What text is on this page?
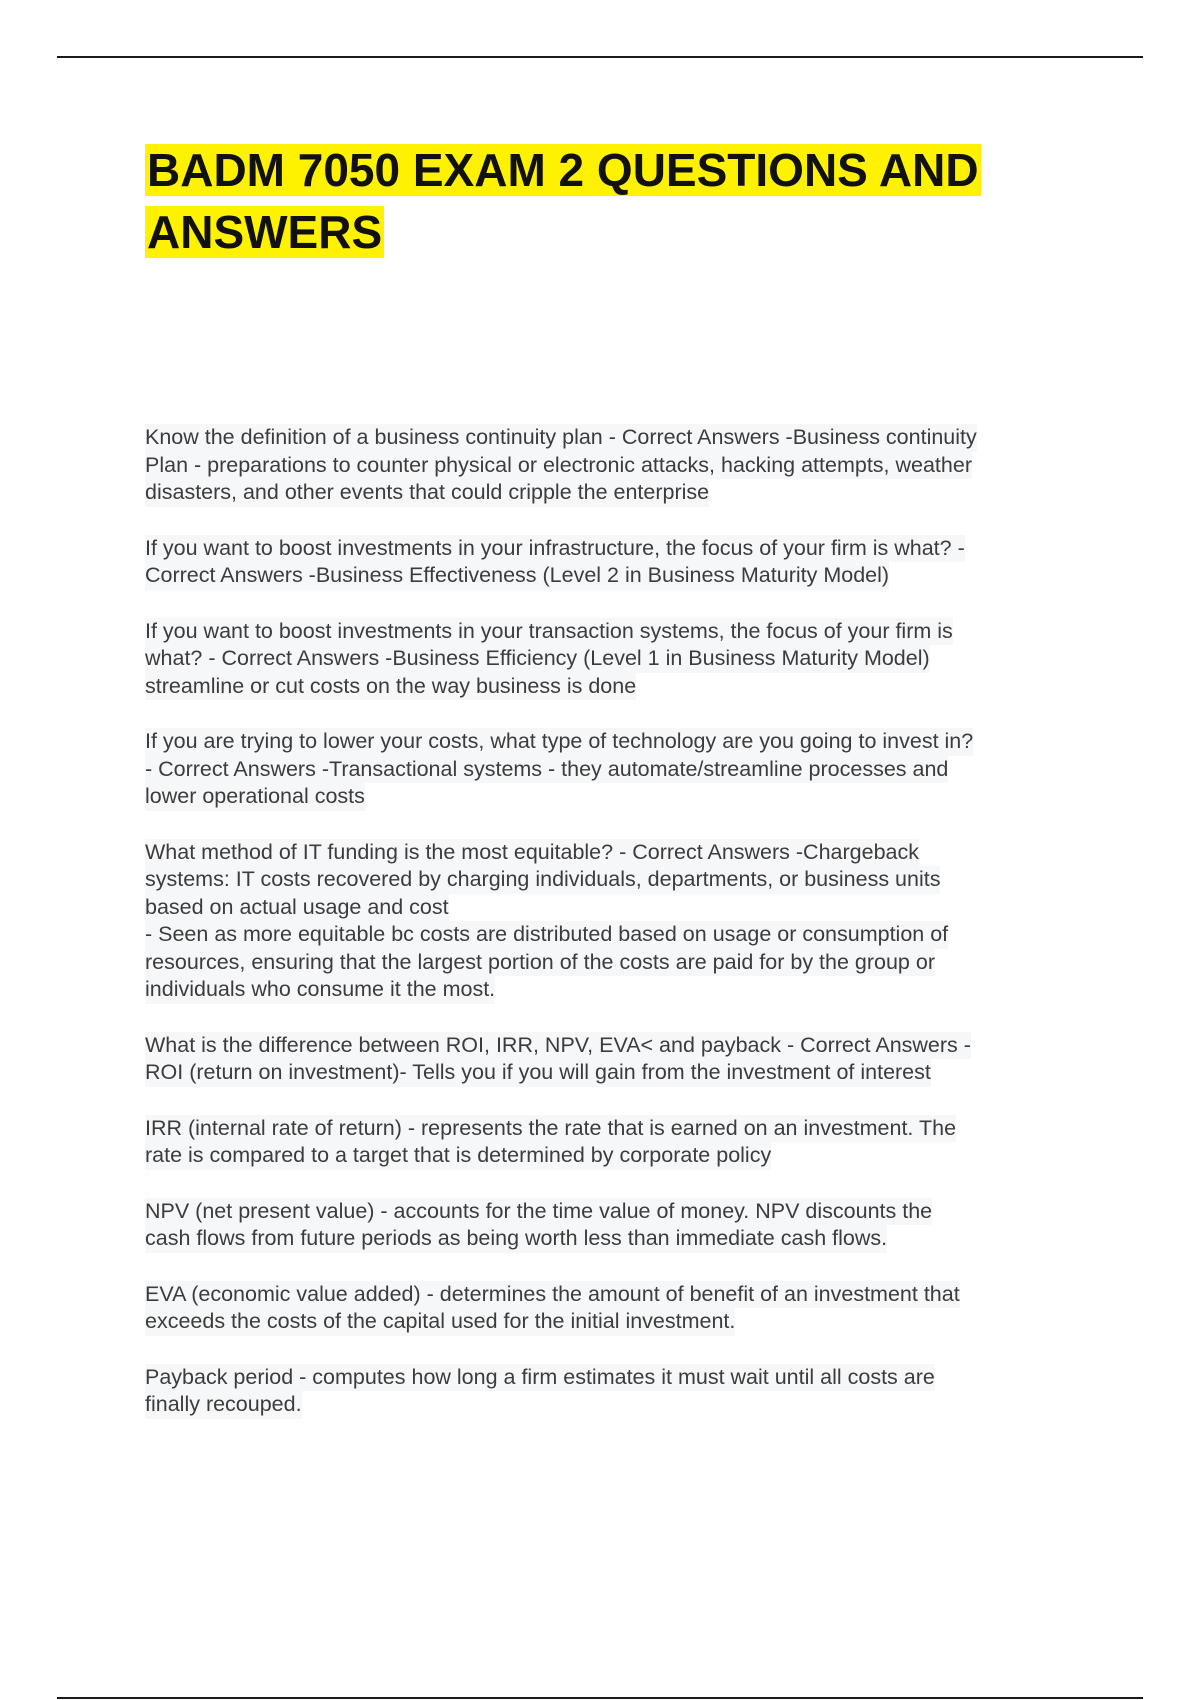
BADM 7050 EXAM 2 QUESTIONS AND
ANSWERS

Know the definition of a business continuity plan - Correct Answers -Business continuity
Plan - preparations to counter physical or electronic attacks, hacking attempts, weather
disasters, and other events that could cripple the enterprise

If you want to boost investments in your infrastructure, the focus of your firm is what? -
Correct Answers -Business Effectiveness (Level 2 in Business Maturity Model)

If you want to boost investments in your transaction systems, the focus of your firm is
what? - Correct Answers -Business Efficiency (Level 1 in Business Maturity Model)
streamline or cut costs on the way business is done

If you are trying to lower your costs, what type of technology are you going to invest in?
- Correct Answers -Transactional systems - they automate/streamline processes and
lower operational costs

What method of IT funding is the most equitable? - Correct Answers -Chargeback
systems: IT costs recovered by charging individuals, departments, or business units
based on actual usage and cost
- Seen as more equitable bc costs are distributed based on usage or consumption of
resources, ensuring that the largest portion of the costs are paid for by the group or
individuals who consume it the most.

What is the difference between ROI, IRR, NPV, EVA< and payback - Correct Answers -
ROI (return on investment)- Tells you if you will gain from the investment of interest

IRR (internal rate of return) - represents the rate that is earned on an investment. The
rate is compared to a target that is determined by corporate policy

NPV (net present value) - accounts for the time value of money. NPV discounts the
cash flows from future periods as being worth less than immediate cash flows.

EVA (economic value added) - determines the amount of benefit of an investment that
exceeds the costs of the capital used for the initial investment.

Payback period - computes how long a firm estimates it must wait until all costs are
finally recouped.
